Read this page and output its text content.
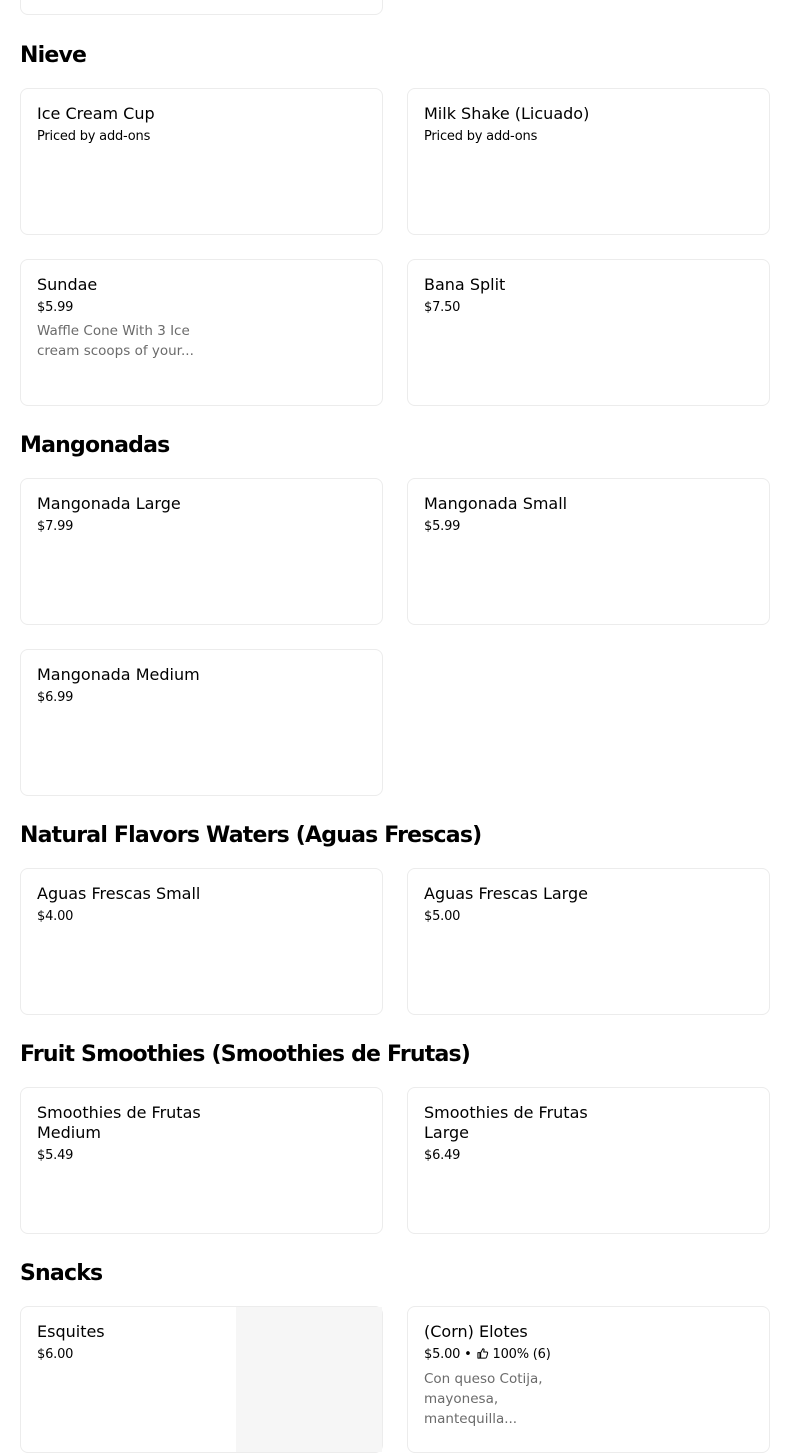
Nieve
Ice Cream Cup
Priced by add-ons
Milk Shake (Licuado)
Priced by add-ons
Sundae
$5.99
Waffle Cone With 3 Ice cream scoops of your...
Bana Split
$7.50
Mangonadas
Mangonada Large
$7.99
Mangonada Small
$5.99
Mangonada Medium
$6.99
Natural Flavors Waters (Aguas Frescas)
Aguas Frescas Small
$4.00
Aguas Frescas Large
$5.00
Fruit Smoothies (Smoothies de Frutas)
Smoothies de Frutas Medium
$5.49
Smoothies de Frutas Large
$6.49
Snacks
Esquites
$6.00
(Corn) Elotes
$5.00 • 100% (6)
Con queso Cotija, mayonesa, mantequilla...
